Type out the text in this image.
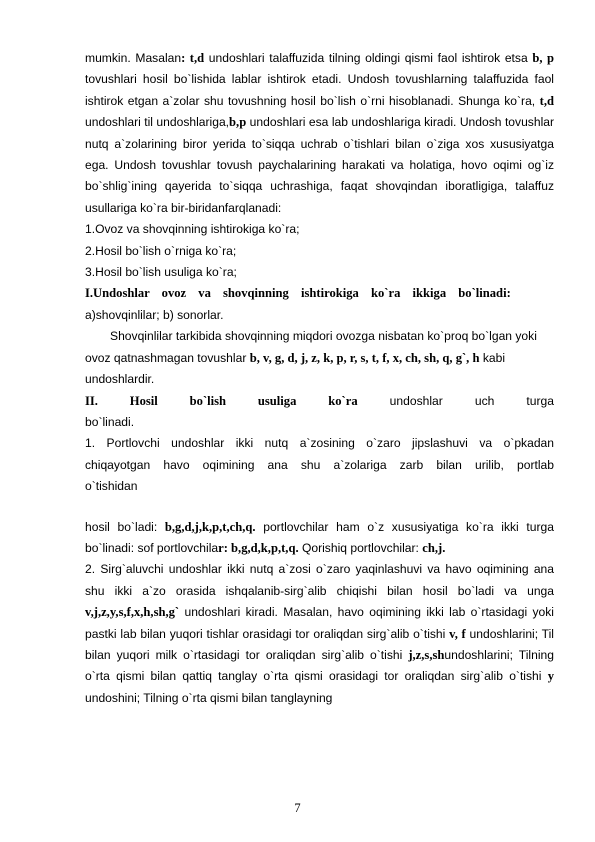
mumkin. Masalan: t,d undoshlari talaffuzida tilning oldingi qismi faol ishtirok etsa b, p tovushlari hosil bo`lishida lablar ishtirok etadi. Undosh tovushlarning talaffuzida faol ishtirok etgan a`zolar shu tovushning hosil bo`lish o`rni hisoblanadi. Shunga ko`ra, t,d undoshlari til undoshlariga,b,p undoshlari esa lab undoshlariga kiradi. Undosh tovushlar nutq a`zolarining biror yerida to`siqqa uchrab o`tishlari bilan o`ziga xos xususiyatga ega. Undosh tovushlar tovush paychalarining harakati va holatiga, hovo oqimi og`iz bo`shlig`ining qayerida to`siqqa uchrashiga, faqat shovqindan iboratligiga, talaffuz usullariga ko`ra bir-biridanfarqlanadi:

1.Ovoz va shovqinning ishtirokiga ko`ra;

2.Hosil bo`lish o`rniga ko`ra;

3.Hosil bo`lish usuliga ko`ra;

I.Undoshlar ovoz va shovqinning ishtirokiga ko`ra ikkiga bo`linadi:

a)shovqinlilar; b) sonorlar.

Shovqinlilar tarkibida shovqinning miqdori ovozga nisbatan ko`proq bo`lgan yoki ovoz qatnashmagan tovushlar b, v, g, d, j, z, k, p, r, s, t, f, x, ch, sh, q, g`, h kabi undoshlardir.

II. Hosil bo`lish usuliga ko`ra undoshlar uch turga bo`linadi.

1. Portlovchi undoshlar ikki nutq a`zosining o`zaro jipslashuvi va o`pkadan chiqayotgan havo oqimining ana shu a`zolariga zarb bilan urilib, portlab o`tishidan

hosil bo`ladi: b,g,d,j,k,p,t,ch,q. portlovchilar ham o`z xususiyatiga ko`ra ikki turga bo`linadi: sof portlovchilar: b,g,d,k,p,t,q. Qorishiq portlovchilar: ch,j.

2. Sirg`aluvchi undoshlar ikki nutq a`zosi o`zaro yaqinlashuvi va havo oqimining ana shu ikki a`zo orasida ishqalanib-sirg`alib chiqishi bilan hosil bo`ladi va unga v,j,z,y,s,f,x,h,sh,g` undoshlari kiradi. Masalan, havo oqimining ikki lab o`rtasidagi yoki pastki lab bilan yuqori tishlar orasidagi tor oraliqdan sirg`alib o`tishi v, f undoshlarini; Til bilan yuqori milk o`rtasidagi tor oraliqdan sirg`alib o`tishi j,z,s,shundoshlarini; Tilning o`rta qismi bilan qattiq tanglay o`rta qismi orasidagi tor oraliqdan sirg`alib o`tishi y undoshini; Tilning o`rta qismi bilan tanglayning

7
